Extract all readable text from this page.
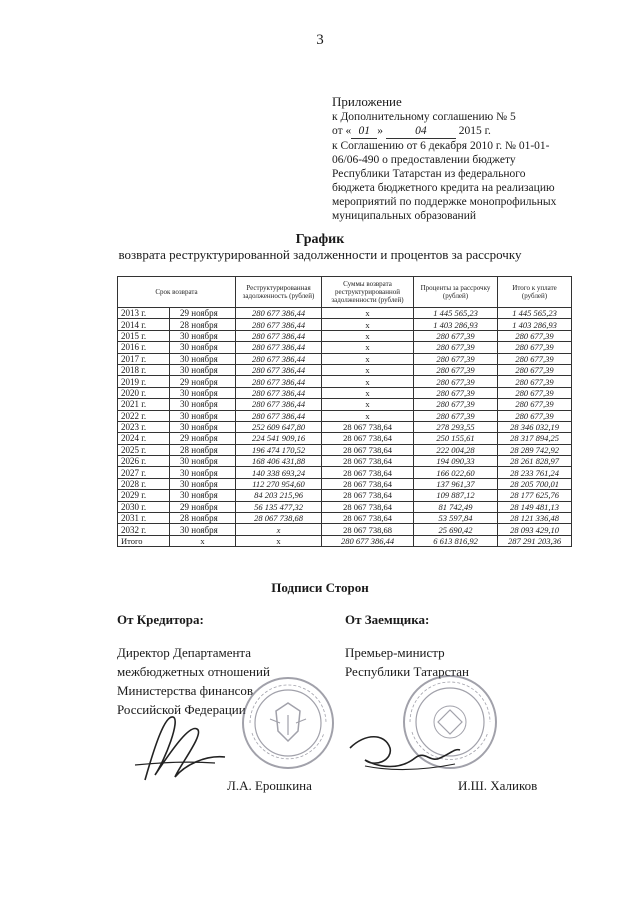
3
Приложение
к Дополнительному соглашению № 5
от « 01 »	04	2015 г.
к Соглашению от 6 декабря 2010 г. № 01-01-
06/06-490 о предоставлении бюджету
Республики Татарстан из федерального
бюджета бюджетного кредита на реализацию
мероприятий по поддержке монопрофильных
муниципальных образований
График
возврата реструктурированной задолженности и процентов за рассрочку
Срок возврата		Реструктурированная задолженность (рублей)	Суммы возврата реструктурированной задолженности (рублей)	Проценты за рассрочку (рублей)	Итого к уплате (рублей)
2013 г.	29 ноября	280 677 386,44	х	1 445 565,23	1 445 565,23
2014 г.	28 ноября	280 677 386,44	х	1 403 286,93	1 403 286,93
2015 г.	30 ноября	280 677 386,44	х	280 677,39	280 677,39
2016 г.	30 ноября	280 677 386,44	х	280 677,39	280 677,39
2017 г.	30 ноября	280 677 386,44	х	280 677,39	280 677,39
2018 г.	30 ноября	280 677 386,44	х	280 677,39	280 677,39
2019 г.	29 ноября	280 677 386,44	х	280 677,39	280 677,39
2020 г.	30 ноября	280 677 386,44	х	280 677,39	280 677,39
2021 г.	30 ноября	280 677 386,44	х	280 677,39	280 677,39
2022 г.	30 ноября	280 677 386,44	х	280 677,39	280 677,39
2023 г.	30 ноября	252 609 647,80	28 067 738,64	278 293,55	28 346 032,19
2024 г.	29 ноября	224 541 909,16	28 067 738,64	250 155,61	28 317 894,25
2025 г.	28 ноября	196 474 170,52	28 067 738,64	222 004,28	28 289 742,92
2026 г.	30 ноября	168 406 431,88	28 067 738,64	194 090,33	28 261 828,97
2027 г.	30 ноября	140 338 693,24	28 067 738,64	166 022,60	28 233 761,24
2028 г.	30 ноября	112 270 954,60	28 067 738,64	137 961,37	28 205 700,01
2029 г.	30 ноября	84 203 215,96	28 067 738,64	109 887,12	28 177 625,76
2030 г.	29 ноября	56 135 477,32	28 067 738,64	81 742,49	28 149 481,13
2031 г.	28 ноября	28 067 738,68	28 067 738,64	53 597,84	28 121 336,48
2032 г.	30 ноября	х	28 067 738,68	25 690,42	28 093 429,10
Итого	х	х	280 677 386,44	6 613 816,92	287 291 203,36
Подписи Сторон
От Кредитора:
Директор Департамента
межбюджетных отношений
Министерства финансов
Российской Федерации
От Заемщика:
Премьер-министр
Республики Татарстан
Л.А. Ерошкина	И.Ш. Халиков
